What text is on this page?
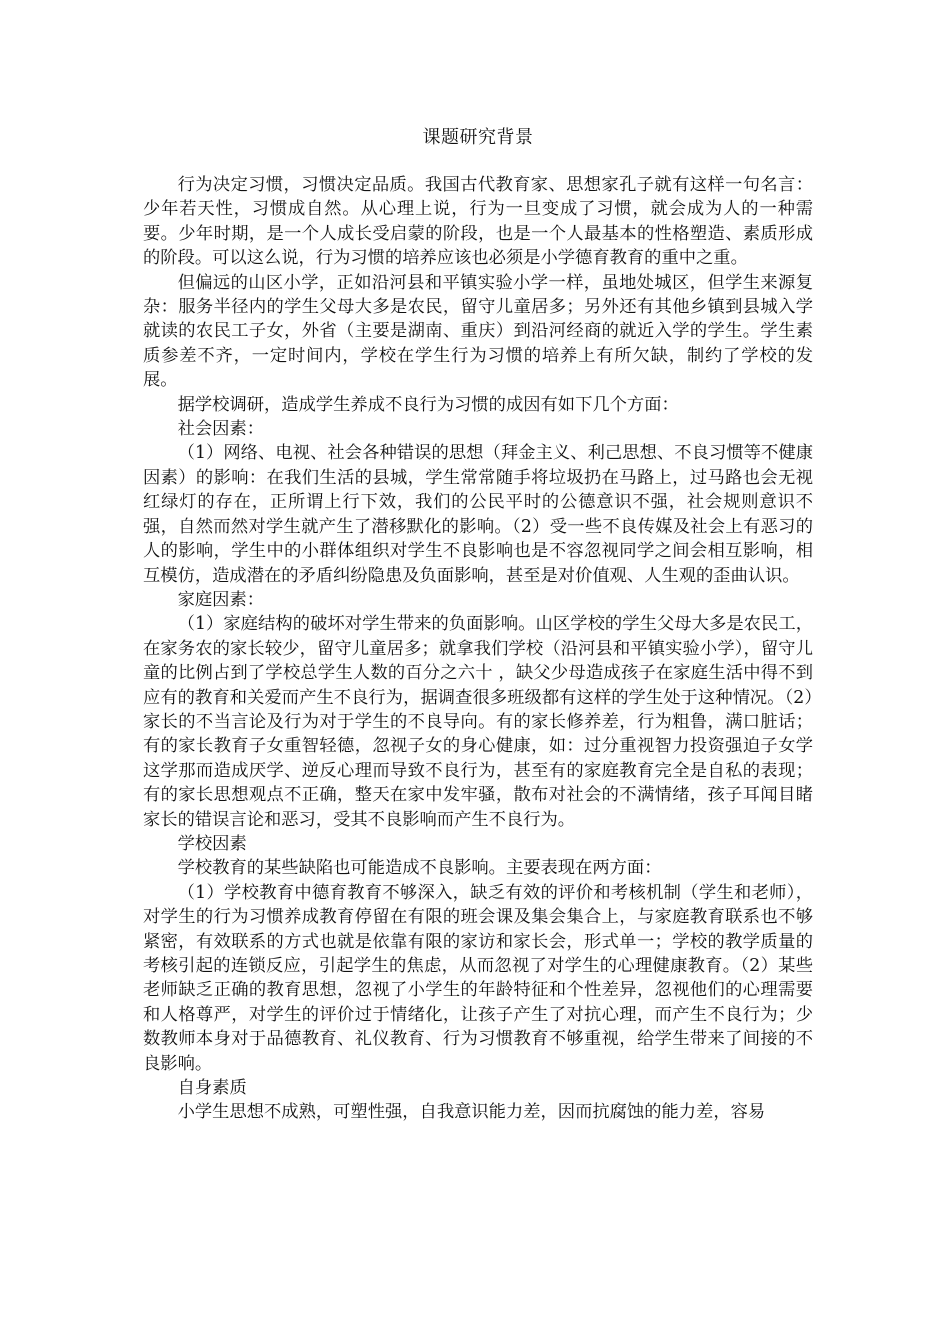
课题研究背景

行为决定习惯，习惯决定品质。我国古代教育家、思想家孔子就有这样一句名言：少年若天性，习惯成自然。从心理上说，行为一旦变成了习惯，就会成为人的一种需要。少年时期，是一个人成长受启蒙的阶段，也是一个人最基本的性格塑造、素质形成的阶段。可以这么说，行为习惯的培养应该也必须是小学德育教育的重中之重。

但偏远的山区小学，正如沿河县和平镇实验小学一样，虽地处城区，但学生来源复杂：服务半径内的学生父母大多是农民，留守儿童居多；另外还有其他乡镇到县城入学就读的农民工子女，外省（主要是湖南、重庆）到沿河经商的就近入学的学生。学生素质参差不齐，一定时间内，学校在学生行为习惯的培养上有所欠缺，制约了学校的发展。

据学校调研，造成学生养成不良行为习惯的成因有如下几个方面：

社会因素：

（1）网络、电视、社会各种错误的思想（拜金主义、利己思想、不良习惯等不健康因素）的影响：在我们生活的县城，学生常常随手将垃圾扔在马路上，过马路也会无视红绿灯的存在，正所谓上行下效，我们的公民平时的公德意识不强，社会规则意识不强，自然而然对学生就产生了潜移默化的影响。（2）受一些不良传媒及社会上有恶习的人的影响，学生中的小群体组织对学生不良影响也是不容忽视同学之间会相互影响，相互模仿，造成潜在的矛盾纠纷隐患及负面影响，甚至是对价值观、人生观的歪曲认识。

家庭因素：

（1）家庭结构的破坏对学生带来的负面影响。山区学校的学生父母大多是农民工，在家务农的家长较少，留守儿童居多；就拿我们学校（沿河县和平镇实验小学），留守儿童的比例占到了学校总学生人数的百分之六十 ，缺父少母造成孩子在家庭生活中得不到应有的教育和关爱而产生不良行为，据调查很多班级都有这样的学生处于这种情况。（2）家长的不当言论及行为对于学生的不良导向。有的家长修养差，行为粗鲁，满口脏话；有的家长教育子女重智轻德，忽视子女的身心健康，如：过分重视智力投资强迫子女学这学那而造成厌学、逆反心理而导致不良行为，甚至有的家庭教育完全是自私的表现；有的家长思想观点不正确，整天在家中发牢骚，散布对社会的不满情绪，孩子耳闻目睹家长的错误言论和恶习，受其不良影响而产生不良行为。

学校因素

学校教育的某些缺陷也可能造成不良影响。主要表现在两方面：

（1）学校教育中德育教育不够深入，缺乏有效的评价和考核机制（学生和老师），对学生的行为习惯养成教育停留在有限的班会课及集会集合上，与家庭教育联系也不够紧密，有效联系的方式也就是依靠有限的家访和家长会，形式单一；学校的教学质量的考核引起的连锁反应，引起学生的焦虑，从而忽视了对学生的心理健康教育。（2）某些老师缺乏正确的教育思想，忽视了小学生的年龄特征和个性差异，忽视他们的心理需要和人格尊严，对学生的评价过于情绪化，让孩子产生了对抗心理，而产生不良行为；少数教师本身对于品德教育、礼仪教育、行为习惯教育不够重视，给学生带来了间接的不良影响。

自身素质

小学生思想不成熟，可塑性强，自我意识能力差，因而抗腐蚀的能力差，容易
